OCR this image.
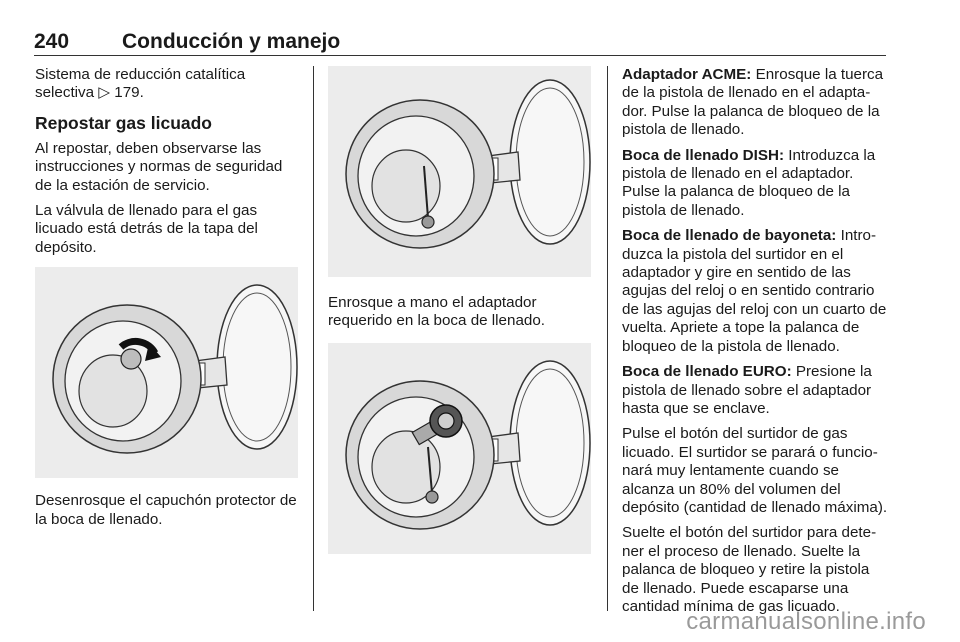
240	Conducción y manejo

Sistema de reducción catalítica selectiva ▷ 179.

Repostar gas licuado

Al repostar, deben observarse las instrucciones y normas de seguridad de la estación de servicio.

La válvula de llenado para el gas licuado está detrás de la tapa del depósito.

Desenrosque el capuchón protector de la boca de llenado.

Enrosque a mano el adaptador requerido en la boca de llenado.

Adaptador ACME: Enrosque la tuerca de la pistola de llenado en el adapta-dor. Pulse la palanca de bloqueo de la pistola de llenado.

Boca de llenado DISH: Introduzca la pistola de llenado en el adaptador. Pulse la palanca de bloqueo de la pistola de llenado.

Boca de llenado de bayoneta: Intro-duzca la pistola del surtidor en el adaptador y gire en sentido de las agujas del reloj o en sentido contrario de las agujas del reloj con un cuarto de vuelta. Apriete a tope la palanca de bloqueo de la pistola de llenado.

Boca de llenado EURO: Presione la pistola de llenado sobre el adaptador hasta que se enclave.

Pulse el botón del surtidor de gas licuado. El surtidor se parará o funcio-nará muy lentamente cuando se alcanza un 80% del volumen del depósito (cantidad de llenado máxima).

Suelte el botón del surtidor para dete-ner el proceso de llenado. Suelte la palanca de bloqueo y retire la pistola de llenado. Puede escaparse una cantidad mínima de gas licuado.

carmanualsonline.info
